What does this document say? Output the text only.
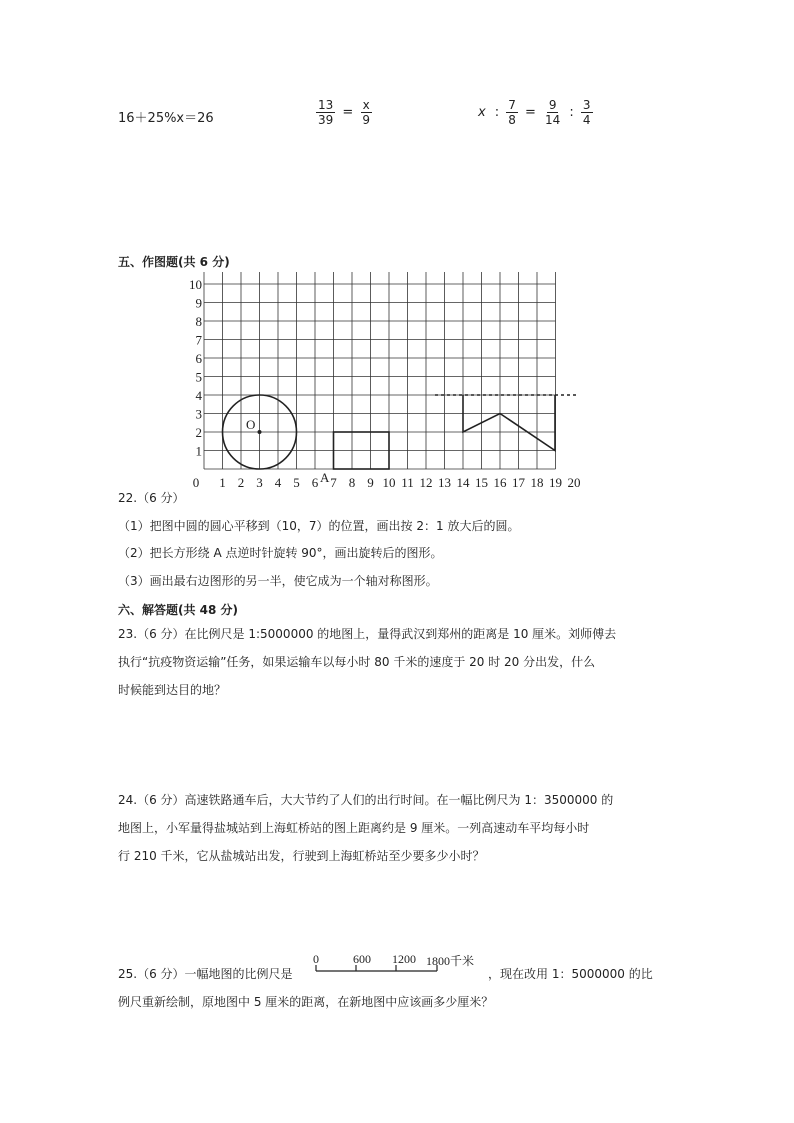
16＋25%x＝26	$\frac{13}{39} = \frac{x}{9}$	x : $\frac{7}{8} = \frac{9}{14}$ : $\frac{3}{4}$
五、作图题(共 6 分)
0 1 2 3 4 5 6 7 8 9 10 11 12 13 14 15 16 17 18 19 20
1
2
3
4
5
6
7
8
9
10
O
A
22.（6 分）
（1）把图中圆的圆心平移到（10，7）的位置，画出按 2：1 放大后的圆。
（2）把长方形绕 A 点逆时针旋转 90°，画出旋转后的图形。
（3）画出最右边图形的另一半，使它成为一个轴对称图形。
六、解答题(共 48 分)
23.（6 分）在比例尺是 1:5000000 的地图上，量得武汉到郑州的距离是 10 厘米。刘师傅去
执行“抗疫物资运输”任务，如果运输车以每小时 80 千米的速度于 20 时 20 分出发，什么
时候能到达目的地？
24.（6 分）高速铁路通车后，大大节约了人们的出行时间。在一幅比例尺为 1：3500000 的
地图上，小军量得盐城站到上海虹桥站的图上距离约是 9 厘米。一列高速动车平均每小时
行 210 千米，它从盐城站出发，行驶到上海虹桥站至少要多少小时？
25.（6 分）一幅地图的比例尺是
0	600 1200 1800千米
，现在改用 1：5000000 的比
例尺重新绘制，原地图中 5 厘米的距离，在新地图中应该画多少厘米？
